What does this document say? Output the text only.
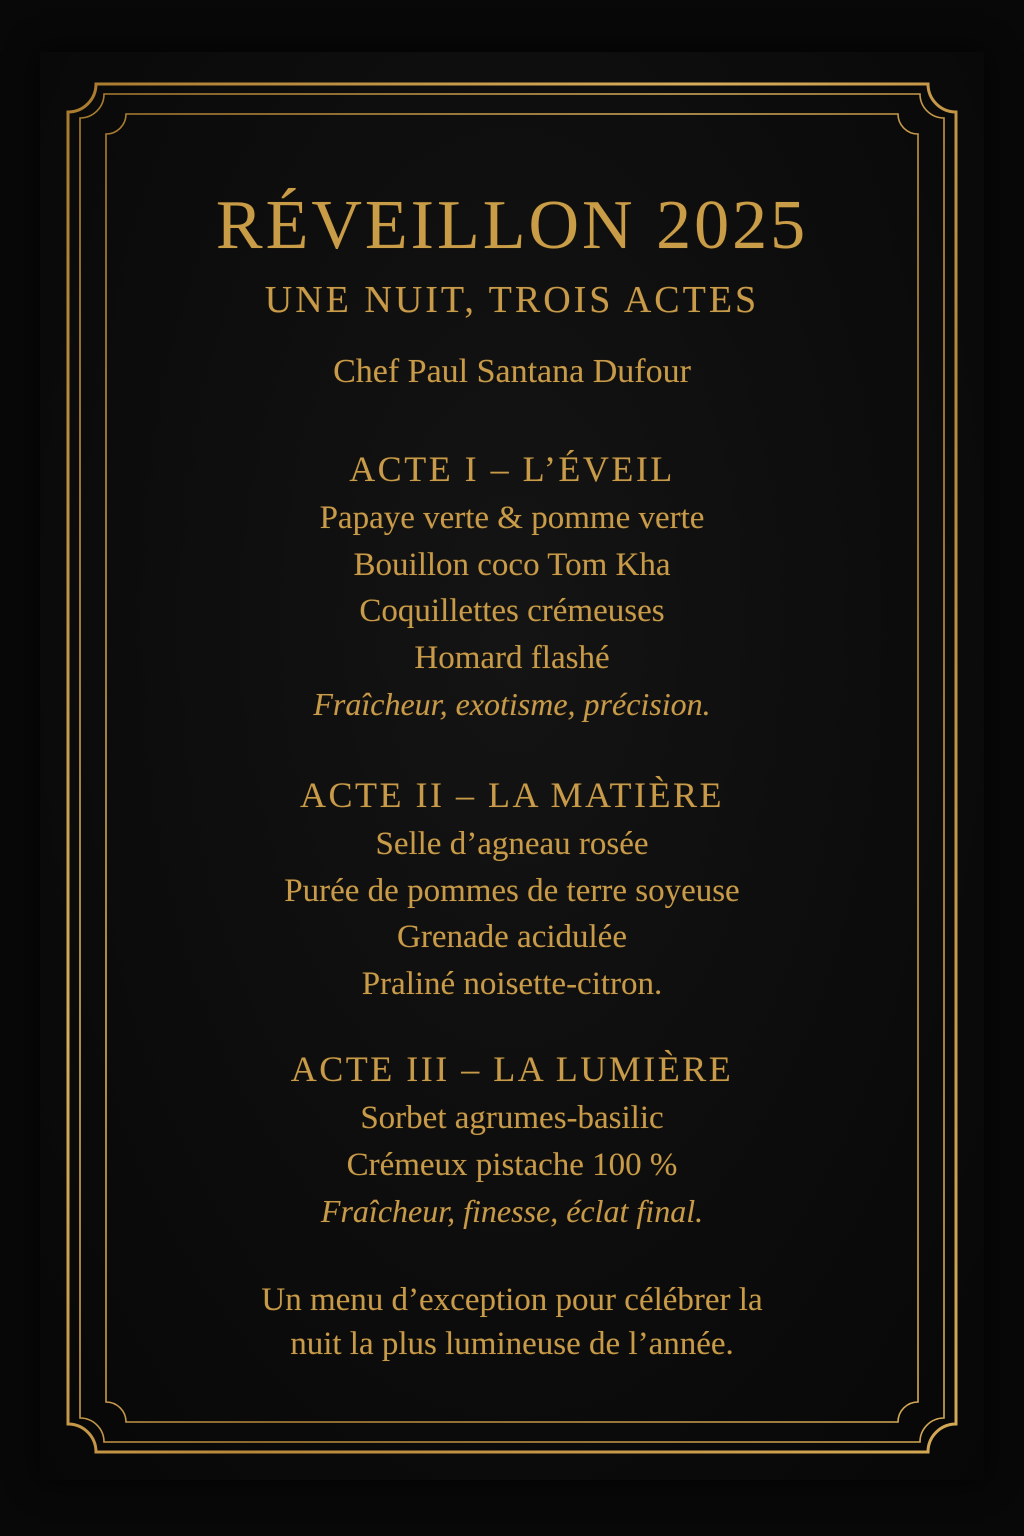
RÉVEILLON 2025
UNE NUIT, TROIS ACTES
Chef Paul Santana Dufour
ACTE I – L’ÉVEIL
Papaye verte & pomme verte
Bouillon coco Tom Kha
Coquillettes crémeuses
Homard flashé
Fraîcheur, exotisme, précision.
ACTE II – LA MATIÈRE
Selle d’agneau rosée
Purée de pommes de terre soyeuse
Grenade acidulée
Praliné noisette-citron.
ACTE III – LA LUMIÈRE
Sorbet agrumes-basilic
Crémeux pistache 100 %
Fraîcheur, finesse, éclat final.
Un menu d’exception pour célébrer la
nuit la plus lumineuse de l’année.
